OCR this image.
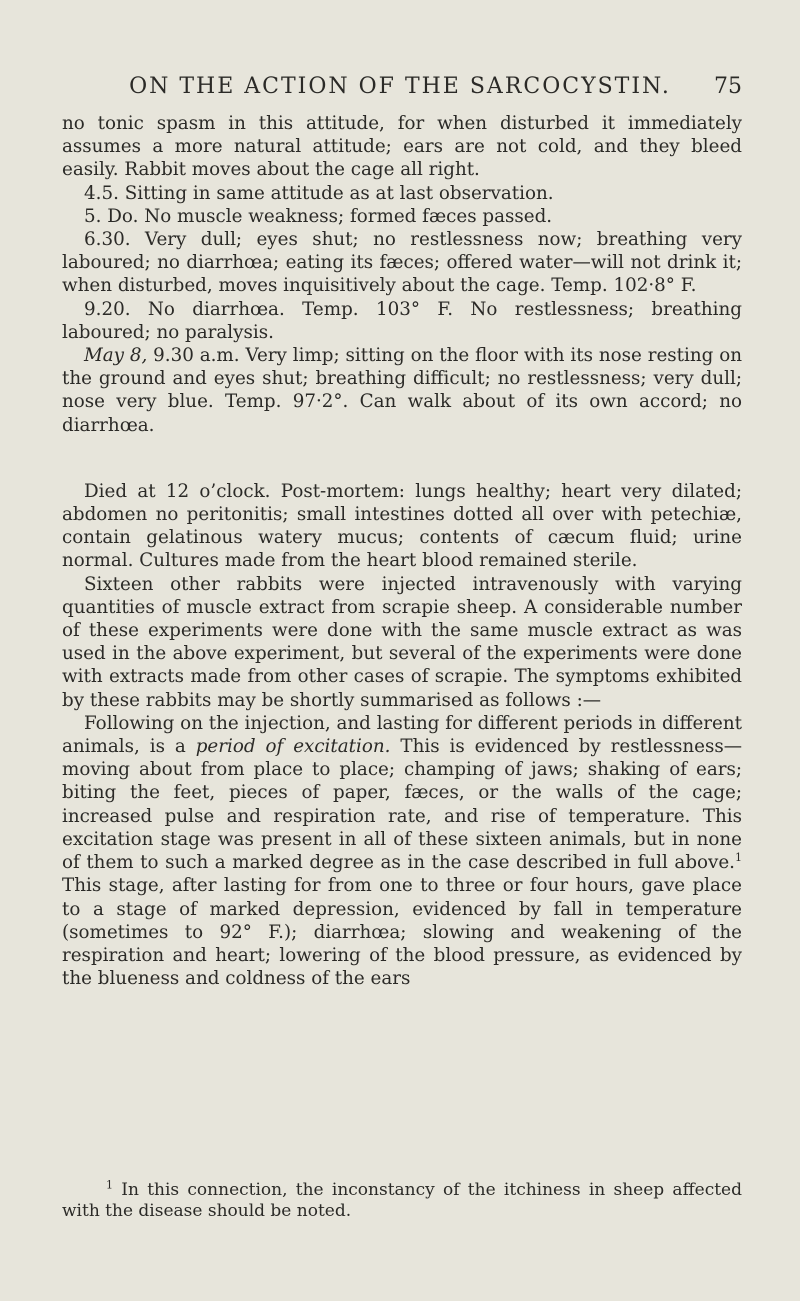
ON THE ACTION OF THE SARCOCYSTIN.	75

no tonic spasm in this attitude, for when disturbed it immediately assumes a more natural attitude; ears are not cold, and they bleed easily. Rabbit moves about the cage all right.

4.5. Sitting in same attitude as at last observation.

5. Do. No muscle weakness; formed fæces passed.

6.30. Very dull; eyes shut; no restlessness now; breathing very laboured; no diarrhœa; eating its fæces; offered water—will not drink it; when disturbed, moves inquisitively about the cage. Temp. 102·8° F.

9.20. No diarrhœa. Temp. 103° F. No restlessness; breathing laboured; no paralysis.

May 8, 9.30 a.m. Very limp; sitting on the floor with its nose resting on the ground and eyes shut; breathing difficult; no restlessness; very dull; nose very blue. Temp. 97·2°. Can walk about of its own accord; no diarrhœa.

Died at 12 o’clock. Post-mortem: lungs healthy; heart very dilated; abdomen no peritonitis; small intestines dotted all over with petechiæ, contain gelatinous watery mucus; contents of cæcum fluid; urine normal. Cultures made from the heart blood remained sterile.

Sixteen other rabbits were injected intravenously with varying quantities of muscle extract from scrapie sheep. A considerable number of these experiments were done with the same muscle extract as was used in the above experiment, but several of the experiments were done with extracts made from other cases of scrapie. The symptoms exhibited by these rabbits may be shortly summarised as follows :—

Following on the injection, and lasting for different periods in different animals, is a period of excitation. This is evidenced by restlessness—moving about from place to place; champing of jaws; shaking of ears; biting the feet, pieces of paper, fæces, or the walls of the cage; increased pulse and respiration rate, and rise of temperature. This excitation stage was present in all of these sixteen animals, but in none of them to such a marked degree as in the case described in full above.$^1$ This stage, after lasting for from one to three or four hours, gave place to a stage of marked depression, evidenced by fall in temperature (sometimes to 92° F.); diarrhœa; slowing and weakening of the respiration and heart; lowering of the blood pressure, as evidenced by the blueness and coldness of the ears

$^1$ In this connection, the inconstancy of the itchiness in sheep affected with the disease should be noted.
